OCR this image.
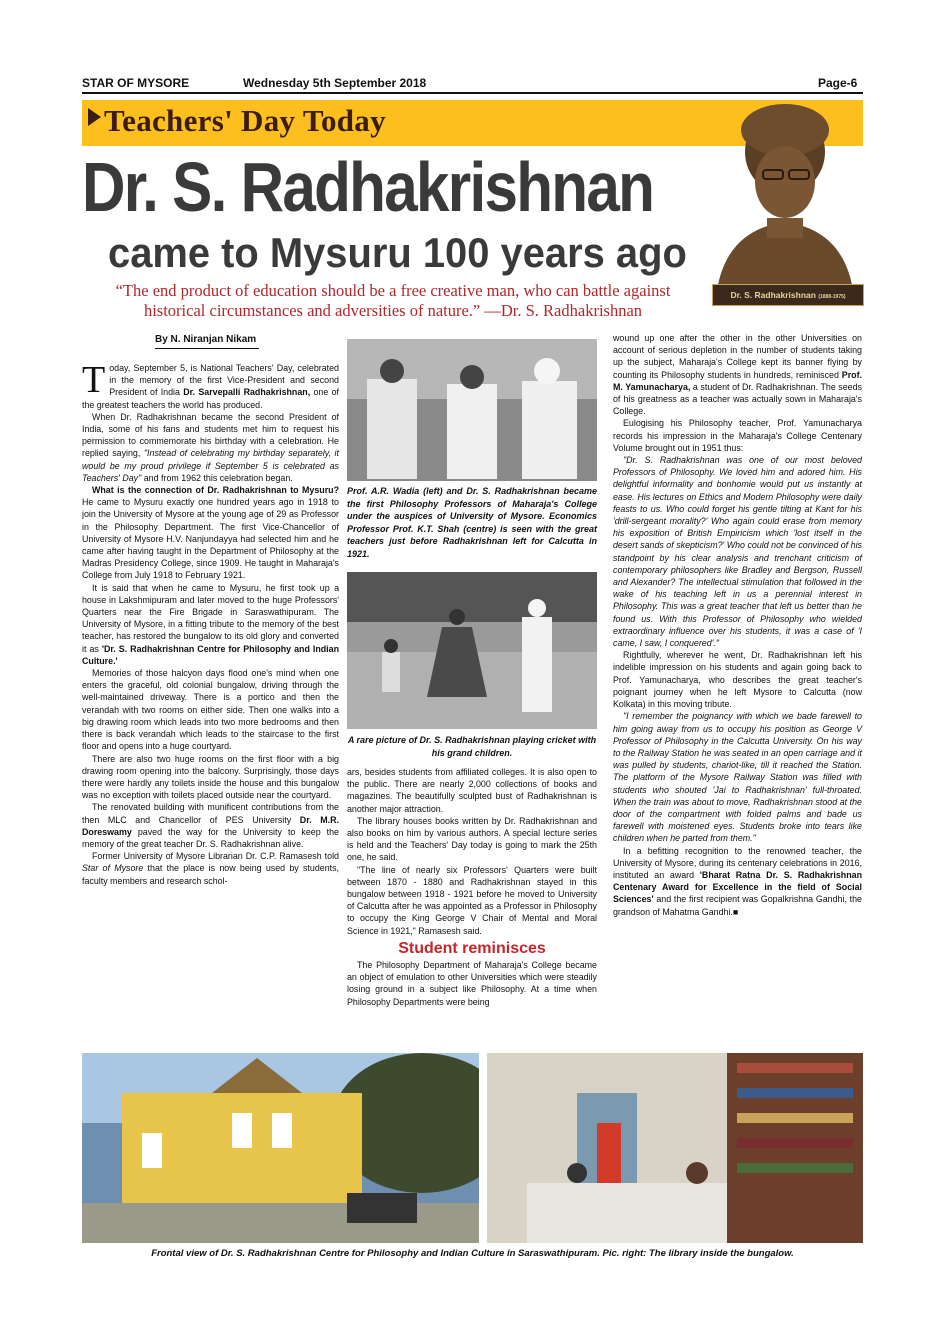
STAR OF MYSORE	Wednesday 5th September 2018	Page-6
Teachers' Day Today
Dr. S. Radhakrishnan (1888-1975)
Dr. S. Radhakrishnan
came to Mysuru 100 years ago
“The end product of education should be a free creative man, who can battle against historical circumstances and adversities of nature.” —Dr. S. Radhakrishnan
By N. Niranjan Nikam

Today, September 5, is National Teachers' Day, celebrated in the memory of the first Vice-President and second President of India Dr. Sarvepalli Radhakrishnan, one of the greatest teachers the world has produced.

When Dr. Radhakrishnan became the second President of India, some of his fans and students met him to request his permission to commemorate his birthday with a celebration. He replied saying, "Instead of celebrating my birthday separately, it would be my proud privilege if September 5 is celebrated as Teachers' Day" and from 1962 this celebration began.

What is the connection of Dr. Radhakrishnan to Mysuru? He came to Mysuru exactly one hundred years ago in 1918 to join the University of Mysore at the young age of 29 as Professor in the Philosophy Department. The first Vice-Chancellor of University of Mysore H.V. Nanjundayya had selected him and he came after having taught in the Department of Philosophy at the Madras Presidency College, since 1909. He taught in Maharaja's College from July 1918 to February 1921.

It is said that when he came to Mysuru, he first took up a house in Lakshmipuram and later moved to the huge Professors' Quarters near the Fire Brigade in Saraswathipuram. The University of Mysore, in a fitting tribute to the memory of the best teacher, has restored the bungalow to its old glory and converted it as 'Dr. S. Radhakrishnan Centre for Philosophy and Indian Culture.'

Memories of those halcyon days flood one's mind when one enters the graceful, old colonial bungalow, driving through the well-maintained driveway. There is a portico and then the verandah with two rooms on either side. Then one walks into a big drawing room which leads into two more bedrooms and then there is back verandah which leads to the staircase to the first floor and opens into a huge courtyard.

There are also two huge rooms on the first floor with a big drawing room opening into the balcony. Surprisingly, those days there were hardly any toilets inside the house and this bungalow was no exception with toilets placed outside near the courtyard.

The renovated building with munificent contributions from the then MLC and Chancellor of PES University Dr. M.R. Doreswamy paved the way for the University to keep the memory of the great teacher Dr. S. Radhakrishnan alive.

Former University of Mysore Librarian Dr. C.P. Ramasesh told Star of Mysore that the place is now being used by students, faculty members and research schol-

Prof. A.R. Wadia (left) and Dr. S. Radhakrishnan became the first Philosophy Professors of Maharaja's College under the auspices of University of Mysore. Economics Professor Prof. K.T. Shah (centre) is seen with the great teachers just before Radhakrishnan left for Calcutta in 1921.
A rare picture of Dr. S. Radhakrishnan playing cricket with his grand children.

ars, besides students from affiliated colleges. It is also open to the public. There are nearly 2,000 collections of books and magazines. The beautifully sculpted bust of Radhakrishnan is another major attraction.

The library houses books written by Dr. Radhakrishnan and also books on him by various authors. A special lecture series is held and the Teachers' Day today is going to mark the 25th one, he said.

"The line of nearly six Professors' Quarters were built between 1870 - 1880 and Radhakrishnan stayed in this bungalow between 1918 - 1921 before he moved to University of Calcutta after he was appointed as a Professor in Philosophy to occupy the King George V Chair of Mental and Moral Science in 1921," Ramasesh said.

Student reminisces

The Philosophy Department of Maharaja's College became an object of emulation to other Universities which were steadily losing ground in a subject like Philosophy. At a time when Philosophy Departments were being

wound up one after the other in the other Universities on account of serious depletion in the number of students taking up the subject, Maharaja's College kept its banner flying by counting its Philosophy students in hundreds, reminisced Prof. M. Yamunacharya, a student of Dr. Radhakrishnan. The seeds of his greatness as a teacher was actually sown in Maharaja's College.

Eulogising his Philosophy teacher, Prof. Yamunacharya records his impression in the Maharaja's College Centenary Volume brought out in 1951 thus:

"Dr. S. Radhakrishnan was one of our most beloved Professors of Philosophy. We loved him and adored him. His delightful informality and bonhomie would put us instantly at ease. His lectures on Ethics and Modern Philosophy were daily feasts to us. Who could forget his gentle tilting at Kant for his 'drill-sergeant morality?' Who again could erase from memory his exposition of British Empiricism which 'lost itself in the desert sands of skepticism?' Who could not be convinced of his standpoint by his clear analysis and trenchant criticism of contemporary philosophers like Bradley and Bergson, Russell and Alexander? The intellectual stimulation that followed in the wake of his teaching left in us a perennial interest in Philosophy. This was a great teacher that left us better than he found us. With this Professor of Philosophy who wielded extraordinary influence over his students, it was a case of 'I came, I saw, I conquered'."

Rightfully, wherever he went, Dr. Radhakrishnan left his indelible impression on his students and again going back to Prof. Yamunacharya, who describes the great teacher's poignant journey when he left Mysore to Calcutta (now Kolkata) in this moving tribute.

"I remember the poignancy with which we bade farewell to him going away from us to occupy his position as George V Professor of Philosophy in the Calcutta University. On his way to the Railway Station he was seated in an open carriage and it was pulled by students, chariot-like, till it reached the Station. The platform of the Mysore Railway Station was filled with students who shouted 'Jai to Radhakrishnan' full-throated. When the train was about to move, Radhakrishnan stood at the door of the compartment with folded palms and bade us farewell with moistened eyes. Students broke into tears like children when he parted from them."

In a befitting recognition to the renowned teacher, the University of Mysore, during its centenary celebrations in 2016, instituted an award 'Bharat Ratna Dr. S. Radhakrishnan Centenary Award for Excellence in the field of Social Sciences' and the first recipient was Gopalkrishna Gandhi, the grandson of Mahatma Gandhi.■

Frontal view of Dr. S. Radhakrishnan Centre for Philosophy and Indian Culture in Saraswathipuram. Pic. right: The library inside the bungalow.
